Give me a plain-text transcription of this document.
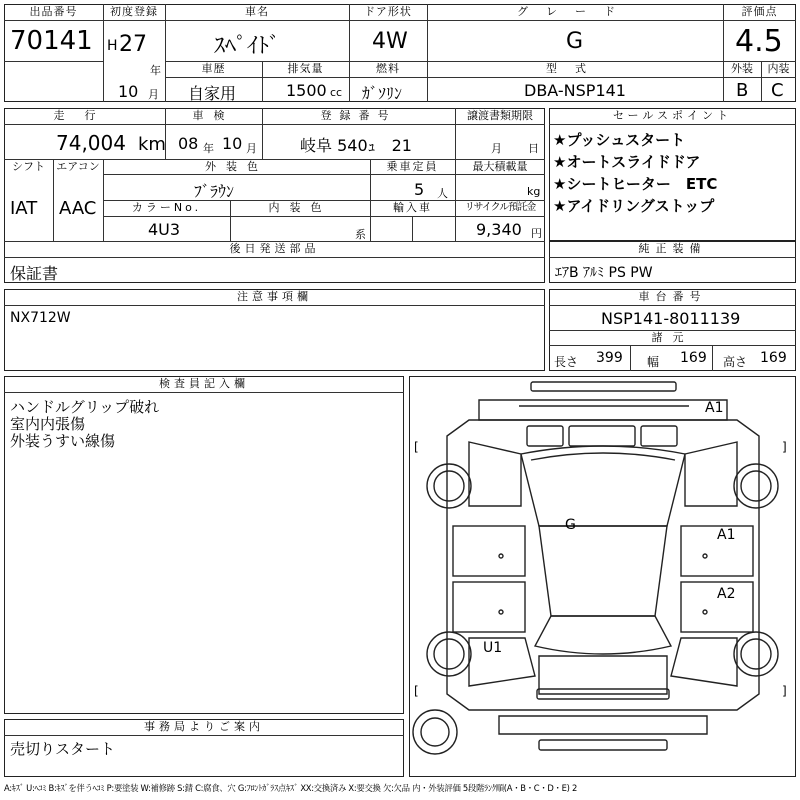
出品番号
70141
初度登録
H 27
年
10 月
車名
ｽﾍﾟｲﾄﾞ
ドア形状
4W
グレード
G
評価点
4.5
車歴
自家用
排気量
1500 cc
燃料
ｶﾞｿﾘﾝ
型式
DBA-NSP141
外装
B
内装
C
走行
74,004 km
車検
08 年 10 月
登録番号
岐阜 540ｭ　21
譲渡書類期限
月 日
シフト
IAT
エアコン
AAC
外装色
ﾌﾞﾗｳﾝ
乗車定員
5 人
最大積載量
kg
カラーNo.
4U3
内装色
系
輸入車	リサイクル預託金
9,340 円
後日発送部品
保証書
セールスポイント
★プッシュスタート
★オートスライドドア
★シートヒーター　ETC
★アイドリングストップ
純正装備
ｴｱB ｱﾙﾐ PS PW
注意事項欄
NX712W
車台番号
NSP141-8011139
諸元
長さ 399 幅 169 高さ 169
検査員記入欄
ハンドルグリップ破れ
室内内張傷
外装うすい線傷
事務局よりご案内
売切りスタート
A1
G
A1
A2
U1
[	]
[	]
A:ｷｽﾞ U:ﾍｺﾐ B:ｷｽﾞを伴うﾍｺﾐ P:要塗装 W:補修跡 S:錆 C:腐食、穴 G:ﾌﾛﾝﾄｶﾞﾗｽ点ｷｽﾞ XX:交換済み X:要交換 欠:欠品 内・外装評価 5段階ﾗﾝｸ順(A・B・C・D・E) 2
